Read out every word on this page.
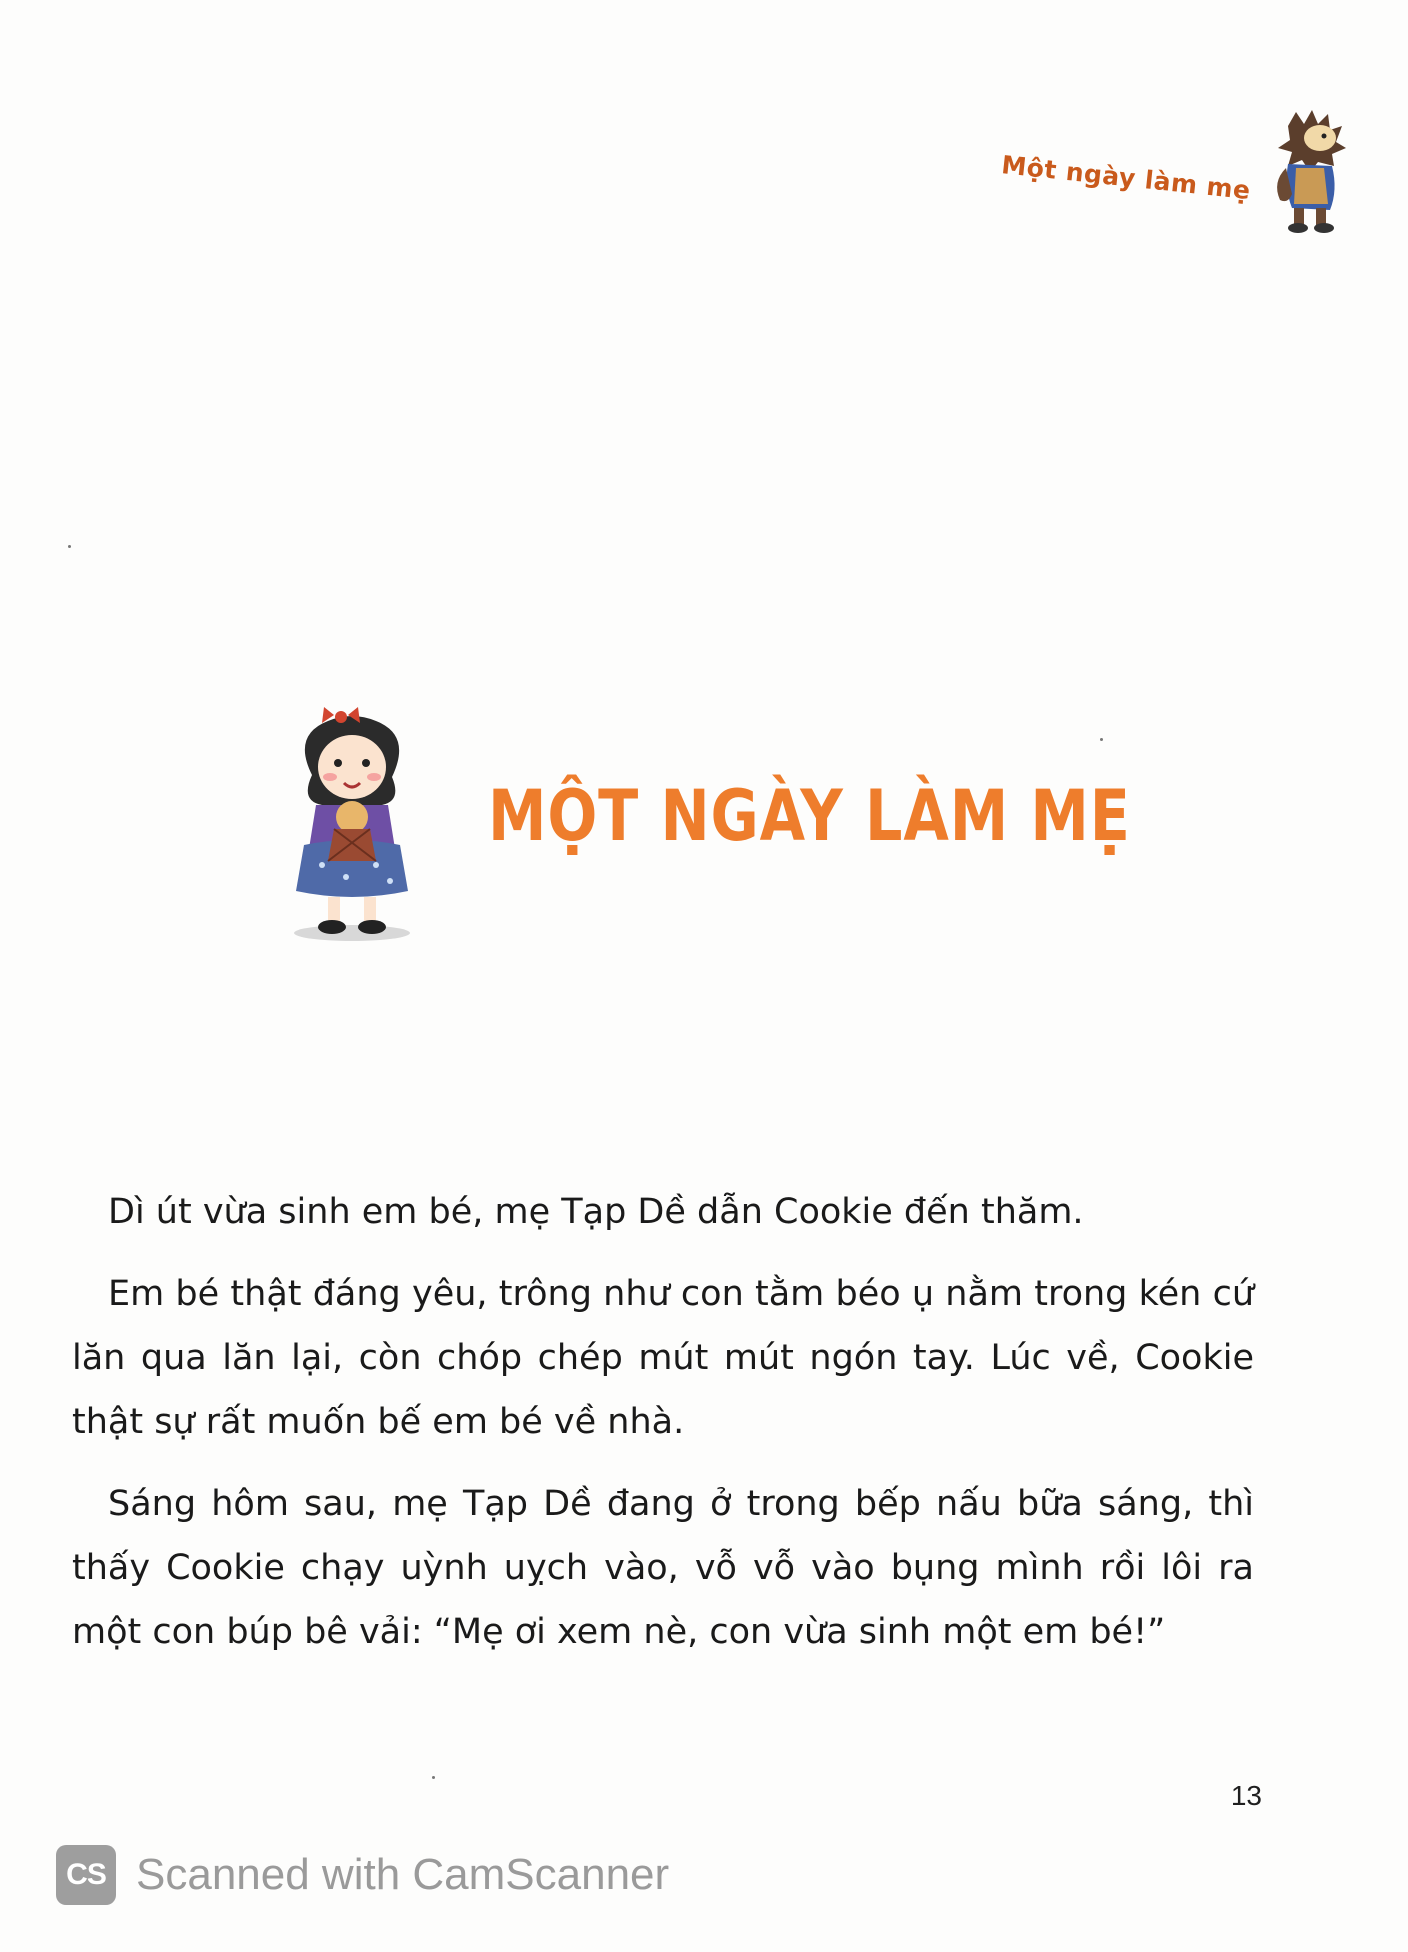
Một ngày làm mẹ
MỘT NGÀY LÀM MẸ

Dì út vừa sinh em bé, mẹ Tạp Dề dẫn Cookie đến thăm.

Em bé thật đáng yêu, trông như con tằm béo ụ nằm trong kén cứ lăn qua lăn lại, còn chóp chép mút mút ngón tay. Lúc về, Cookie thật sự rất muốn bế em bé về nhà.

Sáng hôm sau, mẹ Tạp Dề đang ở trong bếp nấu bữa sáng, thì thấy Cookie chạy uỳnh uỵch vào, vỗ vỗ vào bụng mình rồi lôi ra một con búp bê vải: “Mẹ ơi xem nè, con vừa sinh một em bé!”

13
CS Scanned with CamScanner
